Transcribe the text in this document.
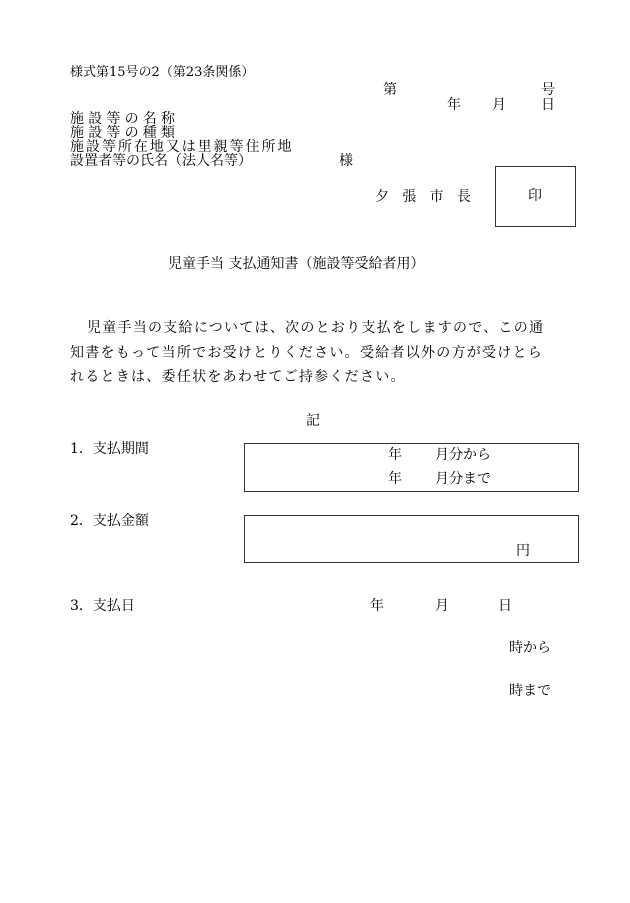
様式第15号の2（第23条関係）
第	号
年 月	日
施設等の名称
施設等の種類
施設等所在地又は里親等住所地
設置者等の氏名（法人名等）	様
夕張市長	印
児童手当 支払通知書（施設等受給者用）
児童手当の支給については、次のとおり支払をしますので、この通
知書をもって当所でお受けとりください。受給者以外の方が受けとら
れるときは、委任状をあわせてご持参ください。
記
1．支払期間	年 月分から
年 月分まで
2．支払金額
円
3．支払日	年	月	日
時から
時まで
